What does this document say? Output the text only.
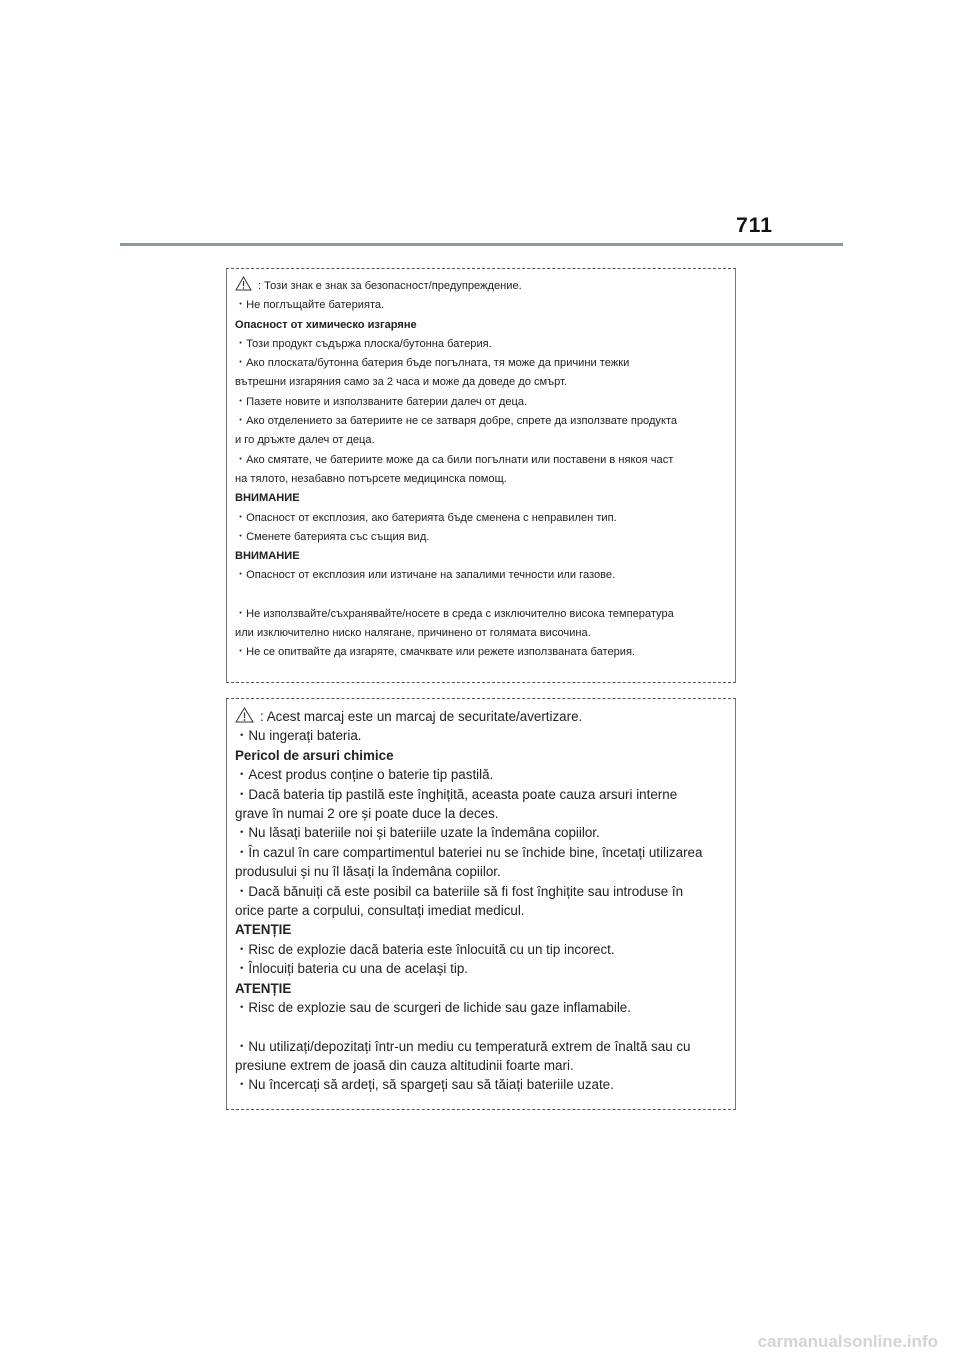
711
: Този знак е знак за безопасност/предупреждение.
・Не поглъщайте батерията.
Опасност от химическо изгаряне
・Този продукт съдържа плоска/бутонна батерия.
・Ако плоската/бутонна батерия бъде погълната, тя може да причини тежки
вътрешни изгаряния само за 2 часа и може да доведе до смърт.
・Пазете новите и използваните батерии далеч от деца.
・Ако отделението за батериите не се затваря добре, спрете да използвате продукта
и го дръжте далеч от деца.
・Ако смятате, че батериите може да са били погълнати или поставени в някоя част
на тялото, незабавно потърсете медицинска помощ.
ВНИМАНИЕ
・Опасност от експлозия, ако батерията бъде сменена с неправилен тип.
・Сменете батерията със същия вид.
ВНИМАНИЕ
・Опасност от експлозия или изтичане на запалими течности или газове.
・Не използвайте/съхранявайте/носете в среда с изключително висока температура
или изключително ниско налягане, причинено от голямата височина.
・Не се опитвайте да изгаряте, смачквате или режете използваната батерия.
: Acest marcaj este un marcaj de securitate/avertizare.
・Nu ingerați bateria.
Pericol de arsuri chimice
・Acest produs conține o baterie tip pastilă.
・Dacă bateria tip pastilă este înghițită, aceasta poate cauza arsuri interne
grave în numai 2 ore și poate duce la deces.
・Nu lăsați bateriile noi și bateriile uzate la îndemâna copiilor.
・În cazul în care compartimentul bateriei nu se închide bine, încetați utilizarea
produsului și nu îl lăsați la îndemâna copiilor.
・Dacă bănuiți că este posibil ca bateriile să fi fost înghițite sau introduse în
orice parte a corpului, consultați imediat medicul.
ATENȚIE
・Risc de explozie dacă bateria este înlocuită cu un tip incorect.
・Înlocuiți bateria cu una de același tip.
ATENȚIE
・Risc de explozie sau de scurgeri de lichide sau gaze inflamabile.
・Nu utilizați/depozitați într-un mediu cu temperatură extrem de înaltă sau cu
presiune extrem de joasă din cauza altitudinii foarte mari.
・Nu încercați să ardeți, să spargeți sau să tăiați bateriile uzate.
carmanualsonline.info
